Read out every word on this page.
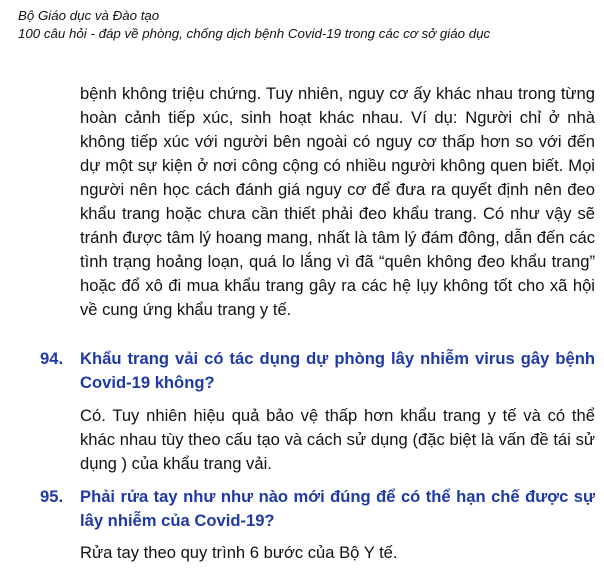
Bộ Giáo dục và Đào tạo
100 câu hỏi - đáp về phòng, chống dịch bệnh Covid-19 trong các cơ sở giáo dục

bệnh không triệu chứng. Tuy nhiên, nguy cơ ấy khác nhau trong từng hoàn cảnh tiếp xúc, sinh hoạt khác nhau. Ví dụ: Người chỉ ở nhà không tiếp xúc với người bên ngoài có nguy cơ thấp hơn so với đến dự một sự kiện ở nơi công cộng có nhiều người không quen biết. Mọi người nên học cách đánh giá nguy cơ để đưa ra quyết định nên đeo khẩu trang hoặc chưa cần thiết phải đeo khẩu trang. Có như vậy sẽ tránh được tâm lý hoang mang, nhất là tâm lý đám đông, dẫn đến các tình trạng hoảng loạn, quá lo lắng vì đã “quên không đeo khẩu trang” hoặc đổ xô đi mua khẩu trang gây ra các hệ lụy không tốt cho xã hội về cung ứng khẩu trang y tế.

94.	Khẩu trang vải có tác dụng dự phòng lây nhiễm virus gây bệnh Covid-19 không?

Có. Tuy nhiên hiệu quả bảo vệ thấp hơn khẩu trang y tế và có thể khác nhau tùy theo cấu tạo và cách sử dụng (đặc biệt là vấn đề tái sử dụng ) của khẩu trang vải.

95.	Phải rửa tay như như nào mới đúng để có thể hạn chế được sự lây nhiễm của Covid-19?

Rửa tay theo quy trình 6 bước của Bộ Y tế.
